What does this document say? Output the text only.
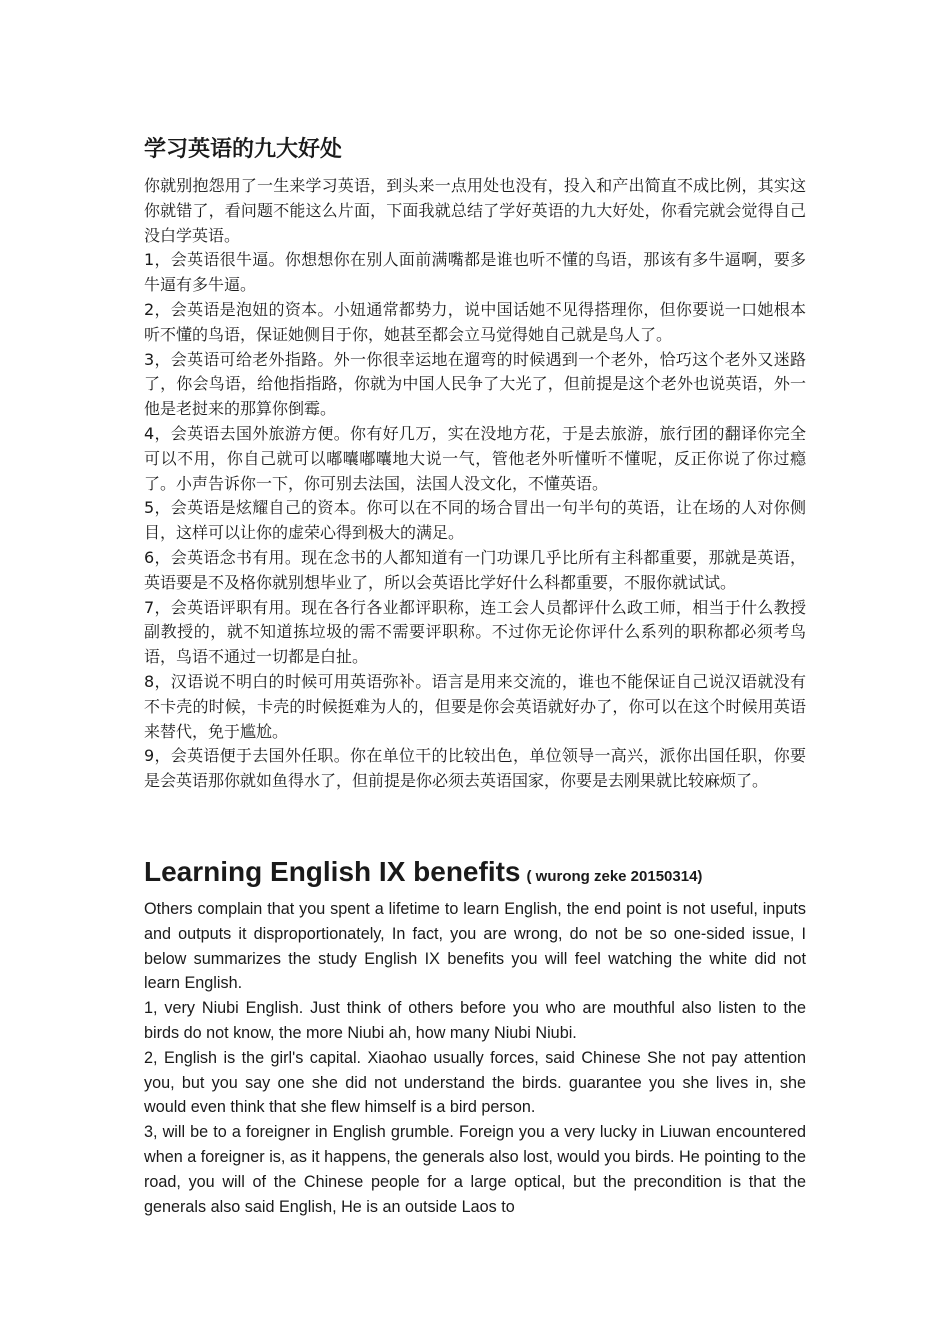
学习英语的九大好处

你就别抱怨用了一生来学习英语，到头来一点用处也没有，投入和产出简直不成比例，其实这你就错了，看问题不能这么片面，下面我就总结了学好英语的九大好处，你看完就会觉得自己没白学英语。

1，会英语很牛逼。你想想你在别人面前满嘴都是谁也听不懂的鸟语，那该有多牛逼啊，要多牛逼有多牛逼。

2，会英语是泡妞的资本。小妞通常都势力，说中国话她不见得搭理你，但你要说一口她根本听不懂的鸟语，保证她侧目于你，她甚至都会立马觉得她自己就是鸟人了。

3，会英语可给老外指路。外一你很幸运地在遛弯的时候遇到一个老外，恰巧这个老外又迷路了，你会鸟语，给他指指路，你就为中国人民争了大光了，但前提是这个老外也说英语，外一他是老挝来的那算你倒霉。

4，会英语去国外旅游方便。你有好几万，实在没地方花，于是去旅游，旅行团的翻译你完全可以不用，你自己就可以嘟囔嘟囔地大说一气，管他老外听懂听不懂呢，反正你说了你过瘾了。小声告诉你一下，你可别去法国，法国人没文化，不懂英语。

5，会英语是炫耀自己的资本。你可以在不同的场合冒出一句半句的英语，让在场的人对你侧目，这样可以让你的虚荣心得到极大的满足。

6，会英语念书有用。现在念书的人都知道有一门功课几乎比所有主科都重要，那就是英语，英语要是不及格你就别想毕业了，所以会英语比学好什么科都重要，不服你就试试。

7，会英语评职有用。现在各行各业都评职称，连工会人员都评什么政工师，相当于什么教授副教授的，就不知道拣垃圾的需不需要评职称。不过你无论你评什么系列的职称都必须考鸟语，鸟语不通过一切都是白扯。

8，汉语说不明白的时候可用英语弥补。语言是用来交流的，谁也不能保证自己说汉语就没有不卡壳的时候，卡壳的时候挺难为人的，但要是你会英语就好办了，你可以在这个时候用英语来替代，免于尴尬。

9，会英语便于去国外任职。你在单位干的比较出色，单位领导一高兴，派你出国任职，你要是会英语那你就如鱼得水了，但前提是你必须去英语国家，你要是去刚果就比较麻烦了。

Learning English IX benefits ( wurong zeke 20150314)

Others complain that you spent a lifetime to learn English, the end point is not useful, inputs and outputs it disproportionately, In fact, you are wrong, do not be so one-sided issue, I below summarizes the study English IX benefits you will feel watching the white did not learn English.

1, very Niubi English. Just think of others before you who are mouthful also listen to the birds do not know, the more Niubi ah, how many Niubi Niubi.

2, English is the girl's capital. Xiaohao usually forces, said Chinese She not pay attention you, but you say one she did not understand the birds. guarantee you she lives in, she would even think that she flew himself is a bird person.

3, will be to a foreigner in English grumble. Foreign you a very lucky in Liuwan encountered when a foreigner is, as it happens, the generals also lost, would you birds. He pointing to the road, you will of the Chinese people for a large optical, but the precondition is that the generals also said English, He is an outside Laos to
